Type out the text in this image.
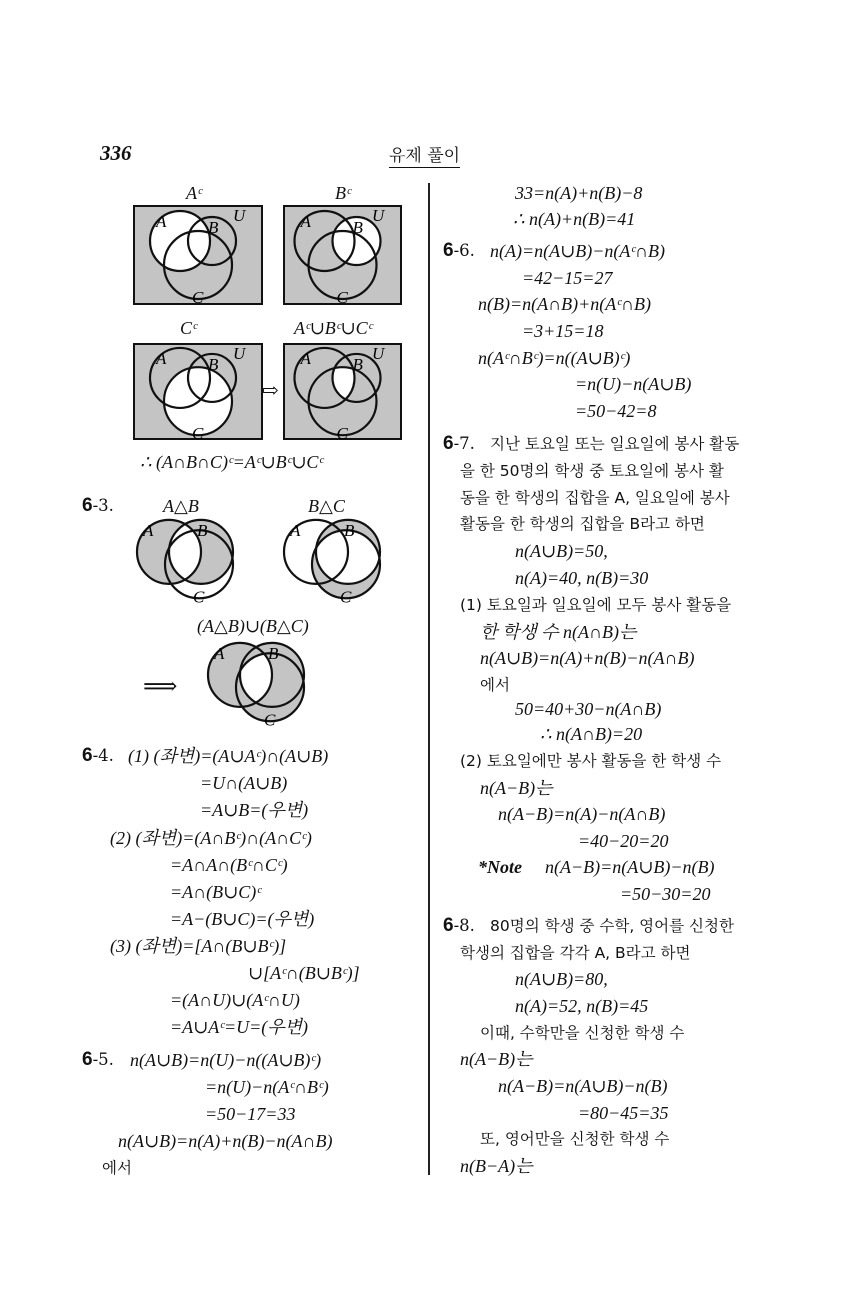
336	유제 풀이
Aᶜ	Bᶜ
Cᶜ	Aᶜ∪Bᶜ∪Cᶜ
⇨
∴ (A∩B∩C)ᶜ=Aᶜ∪Bᶜ∪Cᶜ
A B
C
U	A B
C
U
A B
C
U	A B
C
U
A	B
C
A	B
C
A	B
C
6-3.	A△B	B△C
(A△B)∪(B△C)
⟹
6-4. (1) (좌변)=(A∪Aᶜ)∩(A∪B)
=U∩(A∪B)
=A∪B=(우변)
(2) (좌변)=(A∩Bᶜ)∩(A∩Cᶜ)
=A∩A∩(Bᶜ∩Cᶜ)
=A∩(B∪C)ᶜ
=A−(B∪C)=(우변)
(3) (좌변)=[A∩(B∪Bᶜ)]
∪[Aᶜ∩(B∪Bᶜ)]
=(A∩U)∪(Aᶜ∩U)
=A∪Aᶜ=U=(우변)
6-5. n(A∪B)=n(U)−n((A∪B)ᶜ)
=n(U)−n(Aᶜ∩Bᶜ)
=50−17=33
n(A∪B)=n(A)+n(B)−n(A∩B)
에서
33=n(A)+n(B)−8
∴ n(A)+n(B)=41
6-6. n(A)=n(A∪B)−n(Aᶜ∩B)
=42−15=27
n(B)=n(A∩B)+n(Aᶜ∩B)
=3+15=18
n(Aᶜ∩Bᶜ)=n((A∪B)ᶜ)
=n(U)−n(A∪B)
=50−42=8
6-7. 지난 토요일 또는 일요일에 봉사 활동
을 한 50명의 학생 중 토요일에 봉사 활
동을 한 학생의 집합을 A, 일요일에 봉사
활동을 한 학생의 집합을 B라고 하면
n(A∪B)=50,
n(A)=40, n(B)=30
(1) 토요일과 일요일에 모두 봉사 활동을
한 학생 수 n(A∩B)는
n(A∪B)=n(A)+n(B)−n(A∩B)
에서
50=40+30−n(A∩B)
∴ n(A∩B)=20
(2) 토요일에만 봉사 활동을 한 학생 수
n(A−B)는
n(A−B)=n(A)−n(A∩B)
=40−20=20
*Note n(A−B)=n(A∪B)−n(B)
=50−30=20
6-8. 80명의 학생 중 수학, 영어를 신청한
학생의 집합을 각각 A, B라고 하면
n(A∪B)=80,
n(A)=52, n(B)=45
이때, 수학만을 신청한 학생 수
n(A−B)는
n(A−B)=n(A∪B)−n(B)
=80−45=35
또, 영어만을 신청한 학생 수
n(B−A)는
